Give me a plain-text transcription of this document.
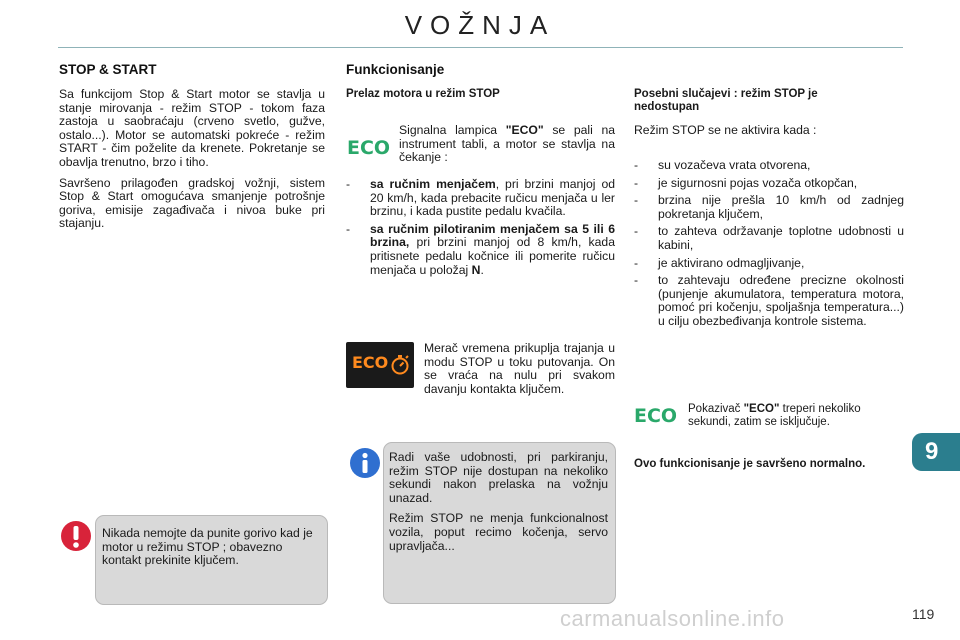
VOŽNJA
STOP & START

Sa funkcijom Stop & Start motor se stavlja u stanje mirovanja - režim STOP - tokom faza zastoja u saobraćaju (crveno svetlo, gužve, ostalo...). Motor se automatski pokreće - režim START - čim poželite da krenete. Pokretanje se obavlja trenutno, brzo i tiho.

Savršeno prilagođen gradskoj vožnji, sistem Stop & Start omogućava smanjenje potrošnje goriva, emisije zagađivača i nivoa buke pri stajanju.

Nikada nemojte da punite gorivo kad je motor u režimu STOP ; obavezno kontakt prekinite ključem.
Funkcionisanje
Prelaz motora u režim STOP
ECO
Signalna lampica "ECO" se pali na instrument tabli, a motor se stavlja na čekanje :
- sa ručnim menjačem, pri brzini manjoj od 20 km/h, kada prebacite ručicu menjača u ler brzinu, i kada pustite pedalu kvačila.
- sa ručnim pilotiranim menjačem sa 5 ili 6 brzina, pri brzini manjoj od 8 km/h, kada pritisnete pedalu kočnice ili pomerite ručicu menjača u položaj N.
ECO
Merač vremena prikuplja trajanja u modu STOP u toku putovanja. On se vraća na nulu pri svakom davanju kontakta ključem.

Radi vaše udobnosti, pri parkiranju, režim STOP nije dostupan na nekoliko sekundi nakon prelaska na vožnju unazad.

Režim STOP ne menja funkcionalnost vozila, poput recimo kočenja, servo upravljača...

Posebni slučajevi : režim STOP je nedostupan
Režim STOP se ne aktivira kada :
- su vozačeva vrata otvorena,
- je sigurnosni pojas vozača otkopčan,
- brzina nije prešla 10 km/h od zadnjeg pokretanja ključem,
- to zahteva održavanje toplotne udobnosti u kabini,
- je aktivirano odmagljivanje,
- to zahtevaju određene precizne okolnosti (punjenje akumulatora, temperatura motora, pomoć pri kočenju, spoljašnja temperatura...) u cilju obezbeđivanja kontrole sistema.
ECO Pokazivač "ECO" treperi nekoliko sekundi, zatim se isključuje.
Ovo funkcionisanje je savršeno normalno.	9
carmanualsonline.info	119
